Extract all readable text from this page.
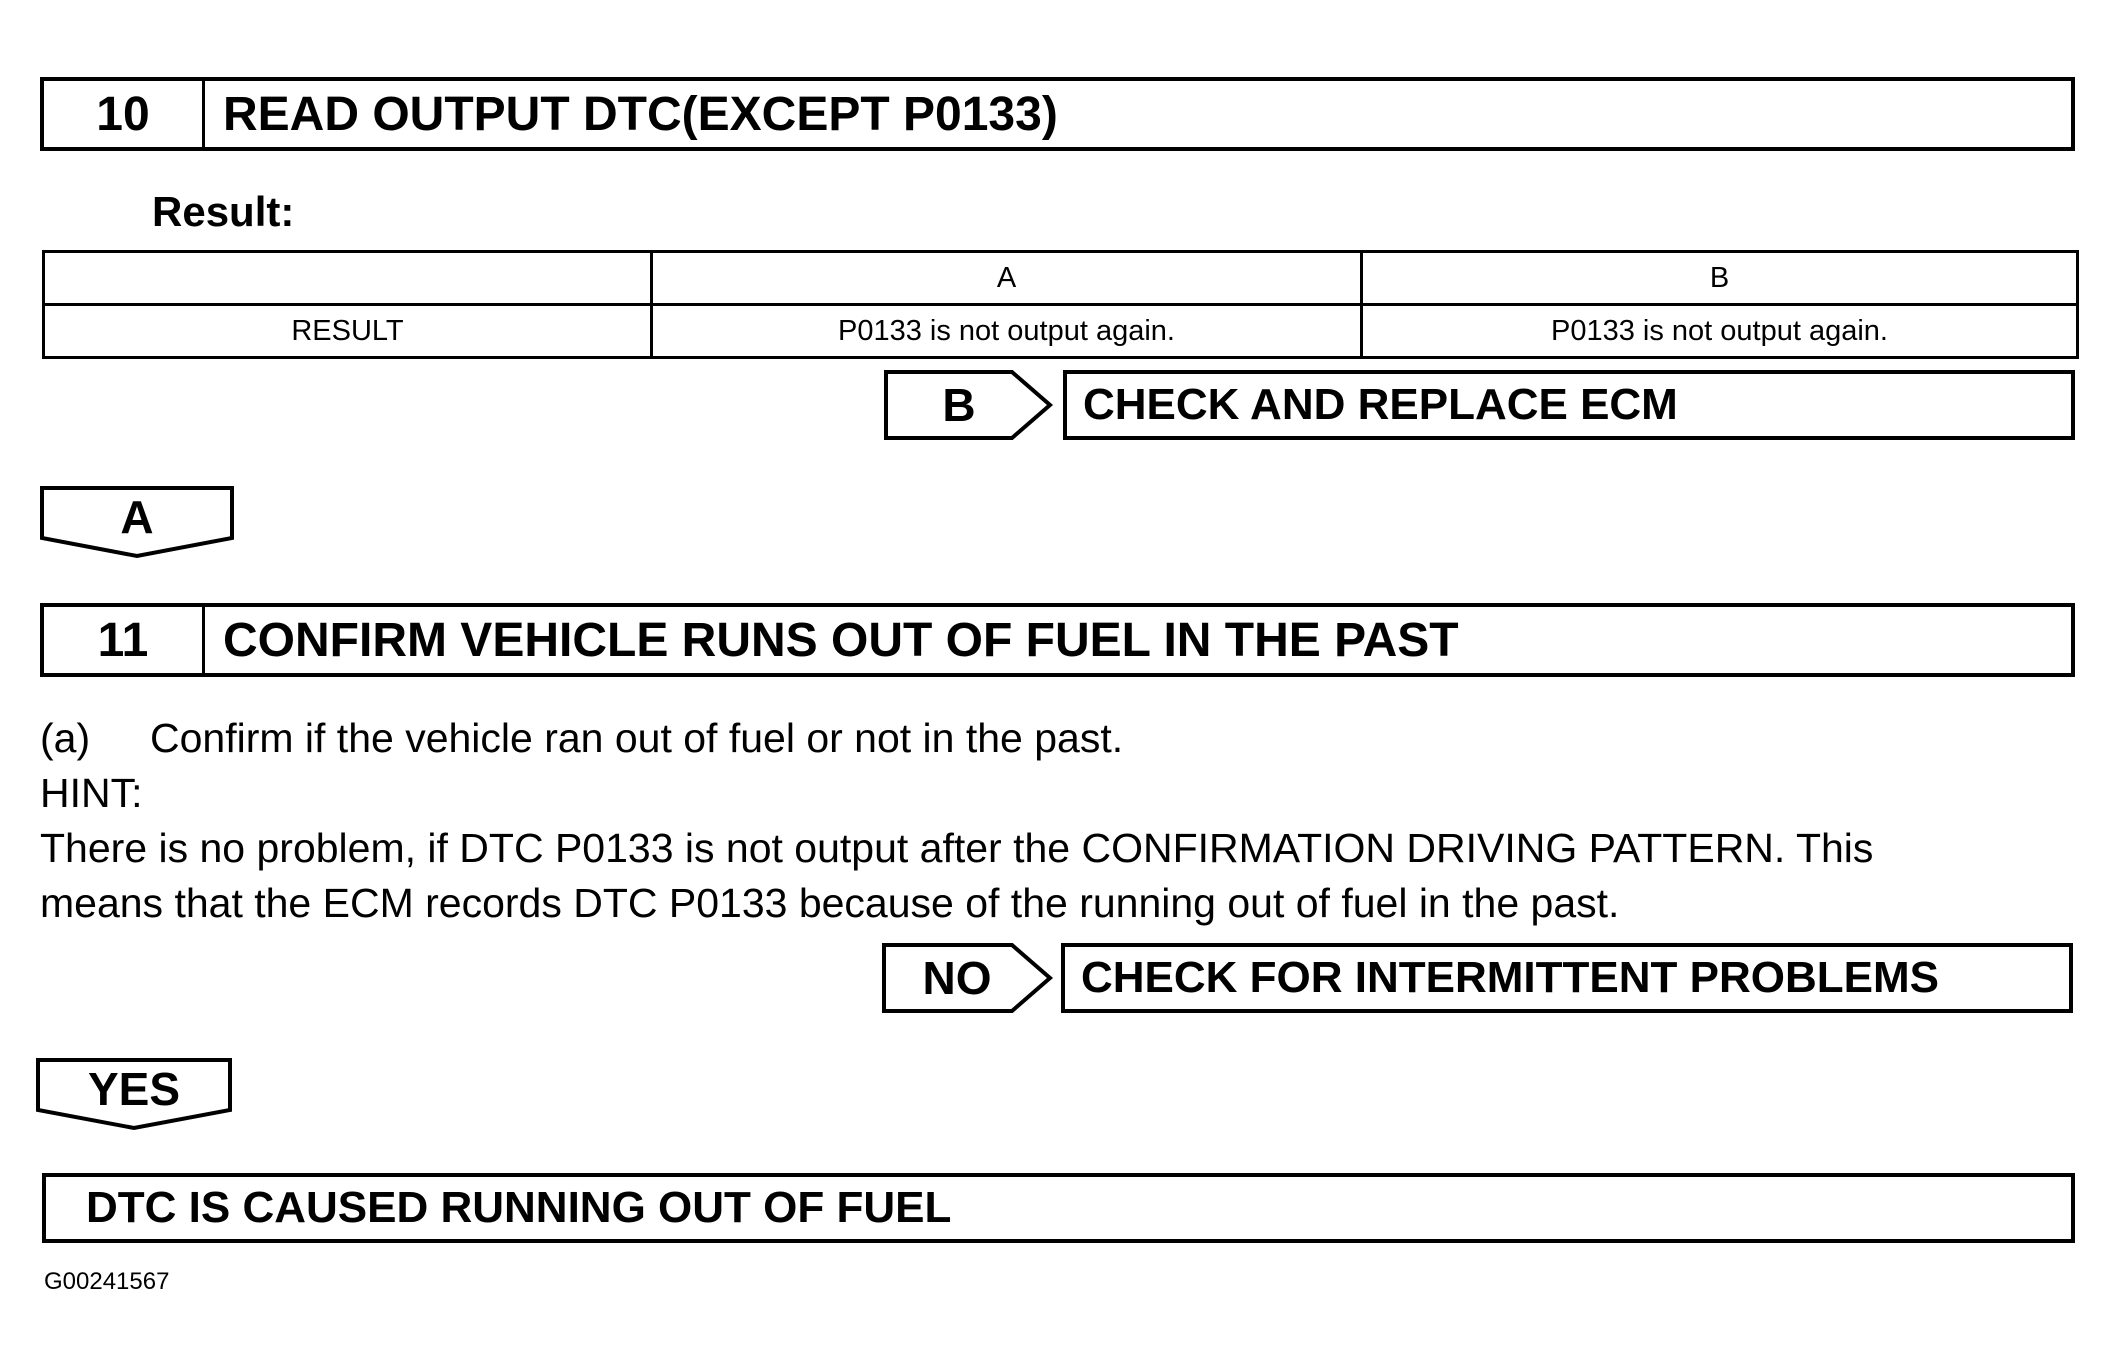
10	READ OUTPUT DTC(EXCEPT P0133)
Result:
	A	B
RESULT	P0133 is not output again.	P0133 is not output again.
B	CHECK AND REPLACE ECM
A
11	CONFIRM VEHICLE RUNS OUT OF FUEL IN THE PAST
(a) Confirm if the vehicle ran out of fuel or not in the past.
HINT:
There is no problem, if DTC P0133 is not output after the CONFIRMATION DRIVING PATTERN. This
means that the ECM records DTC P0133 because of the running out of fuel in the past.
NO	CHECK FOR INTERMITTENT PROBLEMS
YES
DTC IS CAUSED RUNNING OUT OF FUEL
G00241567
